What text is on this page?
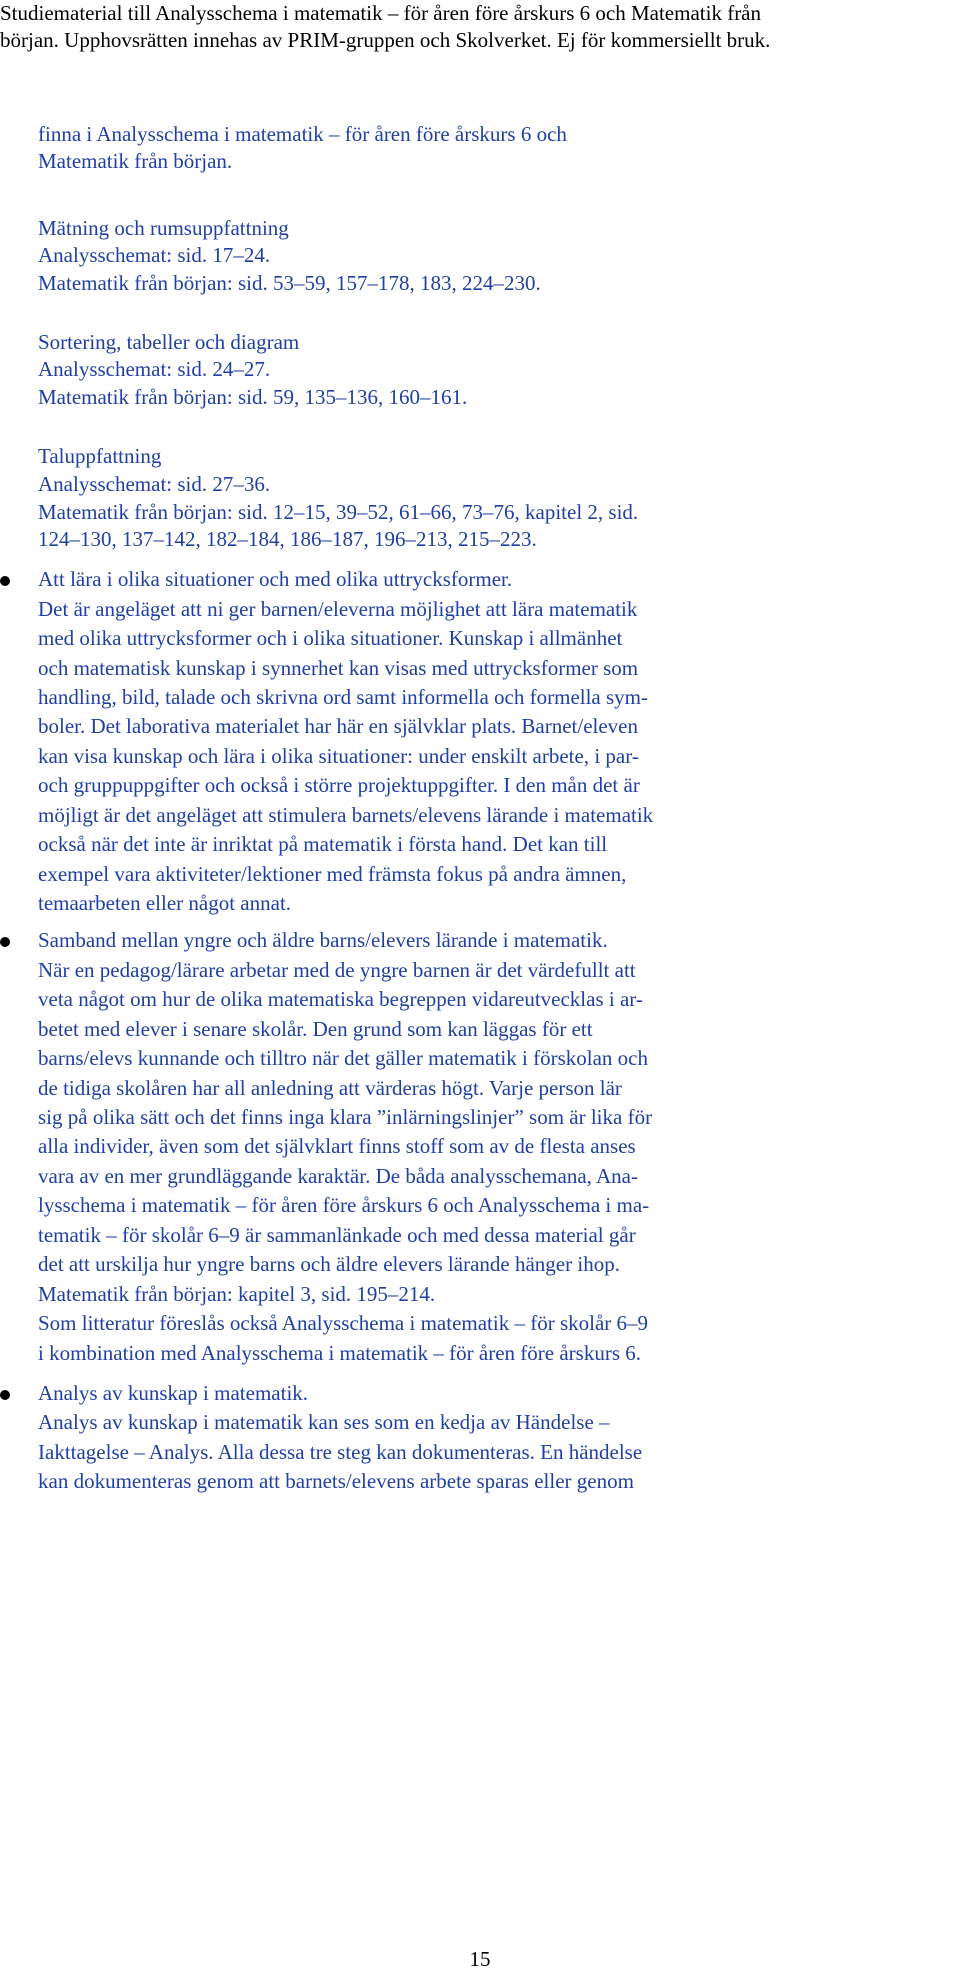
Studiematerial till Analysschema i matematik – för åren före årskurs 6 och Matematik från

början. Upphovsrätten innehas av PRIM-gruppen och Skolverket. Ej för kommersiellt bruk.

finna i Analysschema i matematik – för åren före årskurs 6 och
Matematik från början.
Mätning och rumsuppfattning
Analysschemat: sid. 17–24.
Matematik från början: sid. 53–59, 157–178, 183, 224–230.
Sortering, tabeller och diagram
Analysschemat: sid. 24–27.
Matematik från början: sid. 59, 135–136, 160–161.
Taluppfattning
Analysschemat: sid. 27–36.
Matematik från början: sid. 12–15, 39–52, 61–66, 73–76, kapitel 2, sid.
124–130, 137–142, 182–184, 186–187, 196–213, 215–223.
Att lära i olika situationer och med olika uttrycksformer.
Det är angeläget att ni ger barnen/eleverna möjlighet att lära matematik
med olika uttrycksformer och i olika situationer. Kunskap i allmänhet
och matematisk kunskap i synnerhet kan visas med uttrycksformer som
handling, bild, talade och skrivna ord samt informella och formella sym-
boler. Det laborativa materialet har här en självklar plats. Barnet/eleven
kan visa kunskap och lära i olika situationer: under enskilt arbete, i par-
och gruppuppgifter och också i större projektuppgifter. I den mån det är
möjligt är det angeläget att stimulera barnets/elevens lärande i matematik
också när det inte är inriktat på matematik i första hand. Det kan till
exempel vara aktiviteter/lektioner med främsta fokus på andra ämnen,
temaarbeten eller något annat.
Samband mellan yngre och äldre barns/elevers lärande i matematik.
När en pedagog/lärare arbetar med de yngre barnen är det värdefullt att
veta något om hur de olika matematiska begreppen vidareutvecklas i ar-
betet med elever i senare skolår. Den grund som kan läggas för ett
barns/elevs kunnande och tilltro när det gäller matematik i förskolan och
de tidiga skolåren har all anledning att värderas högt. Varje person lär
sig på olika sätt och det finns inga klara ”inlärningslinjer” som är lika för
alla individer, även som det självklart finns stoff som av de flesta anses
vara av en mer grundläggande karaktär. De båda analysschemana, Ana-
lysschema i matematik – för åren före årskurs 6 och Analysschema i ma-
tematik – för skolår 6–9 är sammanlänkade och med dessa material går
det att urskilja hur yngre barns och äldre elevers lärande hänger ihop.
Matematik från början: kapitel 3, sid. 195–214.
Som litteratur föreslås också Analysschema i matematik – för skolår 6–9
i kombination med Analysschema i matematik – för åren före årskurs 6.
Analys av kunskap i matematik.
Analys av kunskap i matematik kan ses som en kedja av Händelse –
Iakttagelse – Analys. Alla dessa tre steg kan dokumenteras. En händelse
kan dokumenteras genom att barnets/elevens arbete sparas eller genom
15
